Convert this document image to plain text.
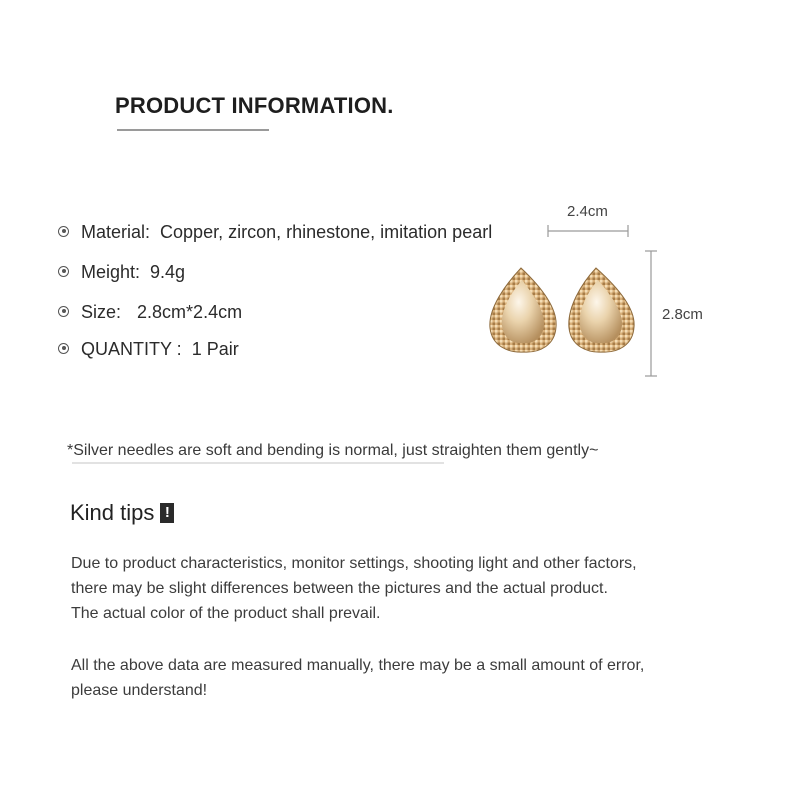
PRODUCT INFORMATION.
Material: Copper, zircon, rhinestone, imitation pearl
Meight: 9.4g
Size: 2.8cm*2.4cm
QUANTITY : 1 Pair
2.4cm
2.8cm
*Silver needles are soft and bending is normal, just straighten them gently~
Kind tips !
Due to product characteristics, monitor settings, shooting light and other factors,
there may be slight differences between the pictures and the actual product.
The actual color of the product shall prevail.
All the above data are measured manually, there may be a small amount of error,
please understand!
